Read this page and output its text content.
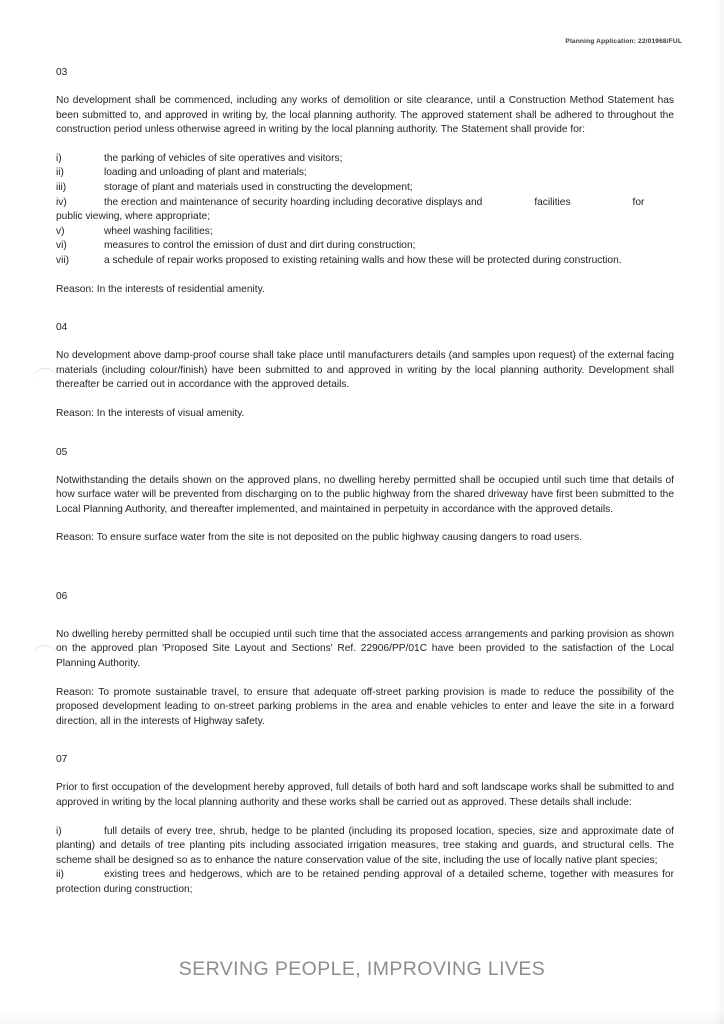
Planning Application: 22/01968/FUL
03

No development shall be commenced, including any works of demolition or site clearance, until a Construction Method Statement has been submitted to, and approved in writing by, the local planning authority. The approved statement shall be adhered to throughout the construction period unless otherwise agreed in writing by the local planning authority. The Statement shall provide for:

i)	the parking of vehicles of site operatives and visitors;
ii)	loading and unloading of plant and materials;
iii)	storage of plant and materials used in constructing the development;
iv)	the erection and maintenance of security hoarding including decorative displays and	facilities	for
public viewing, where appropriate;
v)	wheel washing facilities;
vi)	measures to control the emission of dust and dirt during construction;
vii)	a schedule of repair works proposed to existing retaining walls and how these will be protected during construction.

Reason: In the interests of residential amenity.

04

No development above damp-proof course shall take place until manufacturers details (and samples upon request) of the external facing materials (including colour/finish) have been submitted to and approved in writing by the local planning authority. Development shall thereafter be carried out in accordance with the approved details.

Reason: In the interests of visual amenity.

05

Notwithstanding the details shown on the approved plans, no dwelling hereby permitted shall be occupied until such time that details of how surface water will be prevented from discharging on to the public highway from the shared driveway have first been submitted to the Local Planning Authority, and thereafter implemented, and maintained in perpetuity in accordance with the approved details.

Reason: To ensure surface water from the site is not deposited on the public highway causing dangers to road users.

06

No dwelling hereby permitted shall be occupied until such time that the associated access arrangements and parking provision as shown on the approved plan 'Proposed Site Layout and Sections' Ref. 22906/PP/01C have been provided to the satisfaction of the Local Planning Authority.

Reason: To promote sustainable travel, to ensure that adequate off-street parking provision is made to reduce the possibility of the proposed development leading to on-street parking problems in the area and enable vehicles to enter and leave the site in a forward direction, all in the interests of Highway safety.

07

Prior to first occupation of the development hereby approved, full details of both hard and soft landscape works shall be submitted to and approved in writing by the local planning authority and these works shall be carried out as approved. These details shall include:

i)	full details of every tree, shrub, hedge to be planted (including its proposed location, species, size and approximate date of planting) and details of tree planting pits including associated irrigation measures, tree staking and guards, and structural cells. The scheme shall be designed so as to enhance the nature conservation value of the site, including the use of locally native plant species;
ii)	existing trees and hedgerows, which are to be retained pending approval of a detailed scheme, together with measures for protection during construction;
SERVING PEOPLE, IMPROVING LIVES
